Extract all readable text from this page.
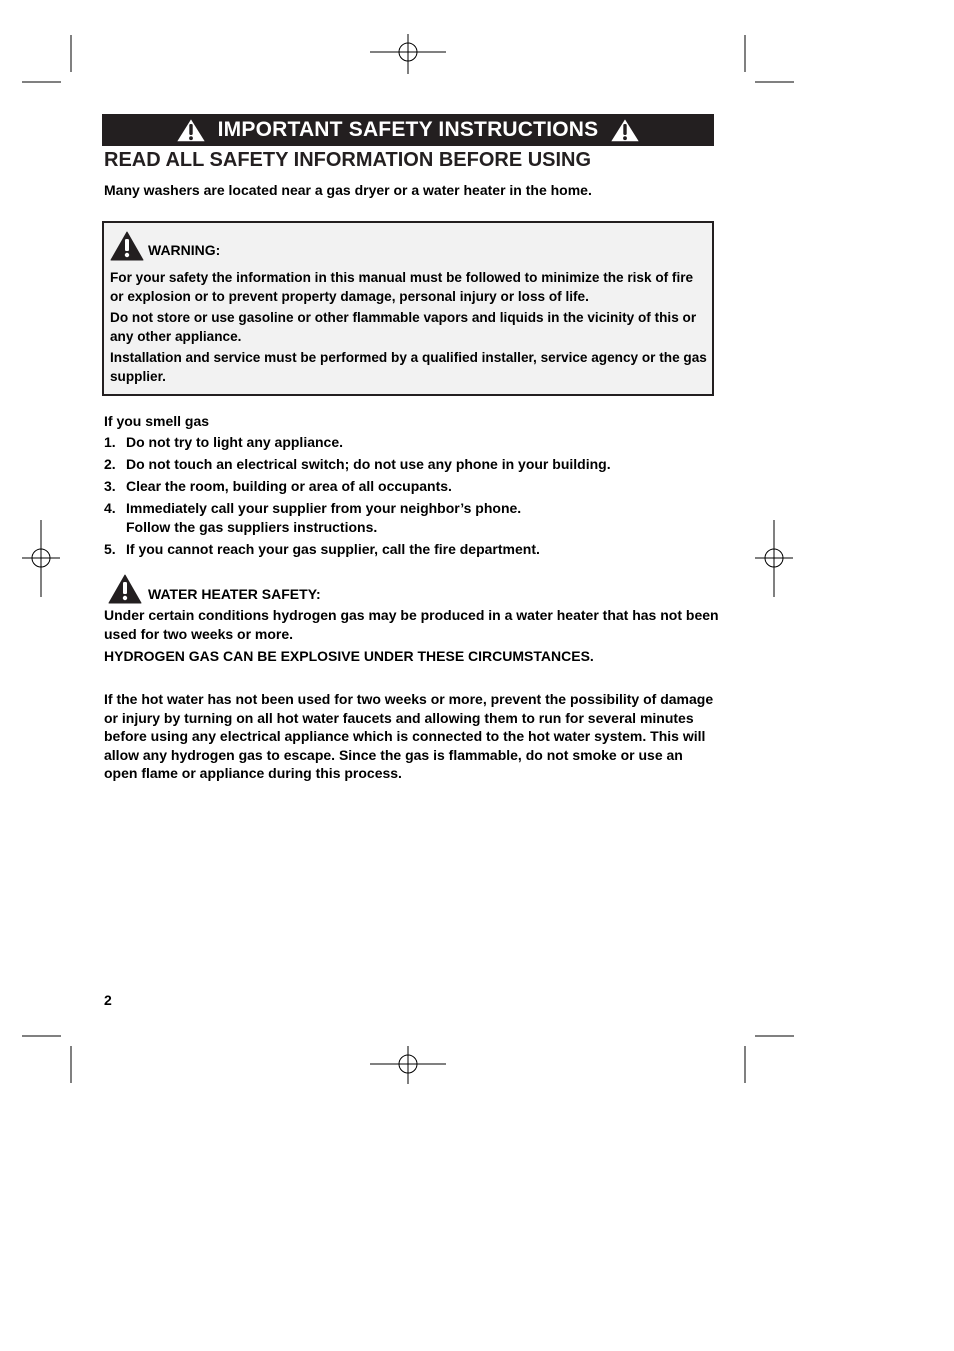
IMPORTANT SAFETY INSTRUCTIONS
READ ALL SAFETY INFORMATION BEFORE USING
Many washers are located near a gas dryer or a water heater in the home.
WARNING:

For your safety the information in this manual must be followed to minimize the risk of fire or explosion or to prevent property damage, personal injury or loss of life.

Do not store or use gasoline or other flammable vapors and liquids in the vicinity of this or any other appliance.

Installation and service must be performed by a qualified installer, service agency or the gas supplier.

If you smell gas
1. Do not try to light any appliance.
2. Do not touch an electrical switch; do not use any phone in your building.
3. Clear the room, building or area of all occupants.
4. Immediately call your supplier from your neighbor’s phone.
Follow the gas suppliers instructions.
5. If you cannot reach your gas supplier, call the fire department.
WATER HEATER SAFETY:

Under certain conditions hydrogen gas may be produced in a water heater that has not been used for two weeks or more.

HYDROGEN GAS CAN BE EXPLOSIVE UNDER THESE CIRCUMSTANCES.

If the hot water has not been used for two weeks or more, prevent the possibility of damage or injury by turning on all hot water faucets and allowing them to run for several minutes before using any electrical appliance which is connected to the hot water system. This will allow any hydrogen gas to escape. Since the gas is flammable, do not smoke or use an open flame or appliance during this process.
2
